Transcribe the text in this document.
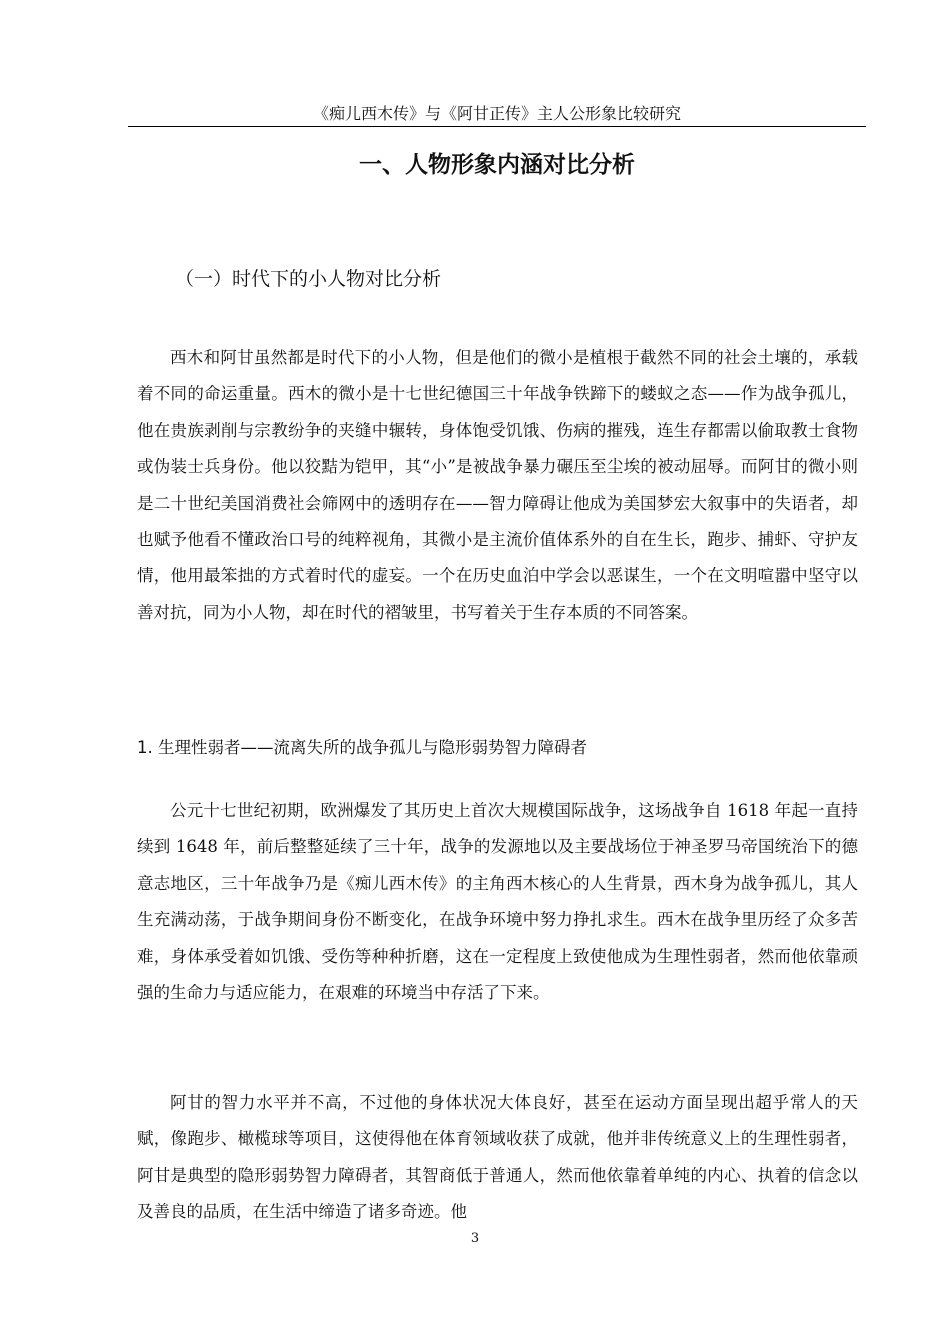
《痴儿西木传》与《阿甘正传》主人公形象比较研究
一、人物形象内涵对比分析
（一）时代下的小人物对比分析

西木和阿甘虽然都是时代下的小人物，但是他们的微小是植根于截然不同的社会土壤的，承载着不同的命运重量。西木的微小是十七世纪德国三十年战争铁蹄下的蝼蚁之态——作为战争孤儿，他在贵族剥削与宗教纷争的夹缝中辗转，身体饱受饥饿、伤病的摧残，连生存都需以偷取教士食物或伪装士兵身份。他以狡黠为铠甲，其“小”是被战争暴力碾压至尘埃的被动屈辱。而阿甘的微小则是二十世纪美国消费社会筛网中的透明存在——智力障碍让他成为美国梦宏大叙事中的失语者，却也赋予他看不懂政治口号的纯粹视角，其微小是主流价值体系外的自在生长，跑步、捕虾、守护友情，他用最笨拙的方式着时代的虚妄。一个在历史血泊中学会以恶谋生，一个在文明喧嚣中坚守以善对抗，同为小人物，却在时代的褶皱里，书写着关于生存本质的不同答案。

1. 生理性弱者——流离失所的战争孤儿与隐形弱势智力障碍者

公元十七世纪初期，欧洲爆发了其历史上首次大规模国际战争，这场战争自 1618 年起一直持续到 1648 年，前后整整延续了三十年，战争的发源地以及主要战场位于神圣罗马帝国统治下的德意志地区，三十年战争乃是《痴儿西木传》的主角西木核心的人生背景，西木身为战争孤儿，其人生充满动荡，于战争期间身份不断变化，在战争环境中努力挣扎求生。西木在战争里历经了众多苦难，身体承受着如饥饿、受伤等种种折磨，这在一定程度上致使他成为生理性弱者，然而他依靠顽强的生命力与适应能力，在艰难的环境当中存活了下来。

阿甘的智力水平并不高，不过他的身体状况大体良好，甚至在运动方面呈现出超乎常人的天赋，像跑步、橄榄球等项目，这使得他在体育领域收获了成就，他并非传统意义上的生理性弱者，阿甘是典型的隐形弱势智力障碍者，其智商低于普通人，然而他依靠着单纯的内心、执着的信念以及善良的品质，在生活中缔造了诸多奇迹。他

3
